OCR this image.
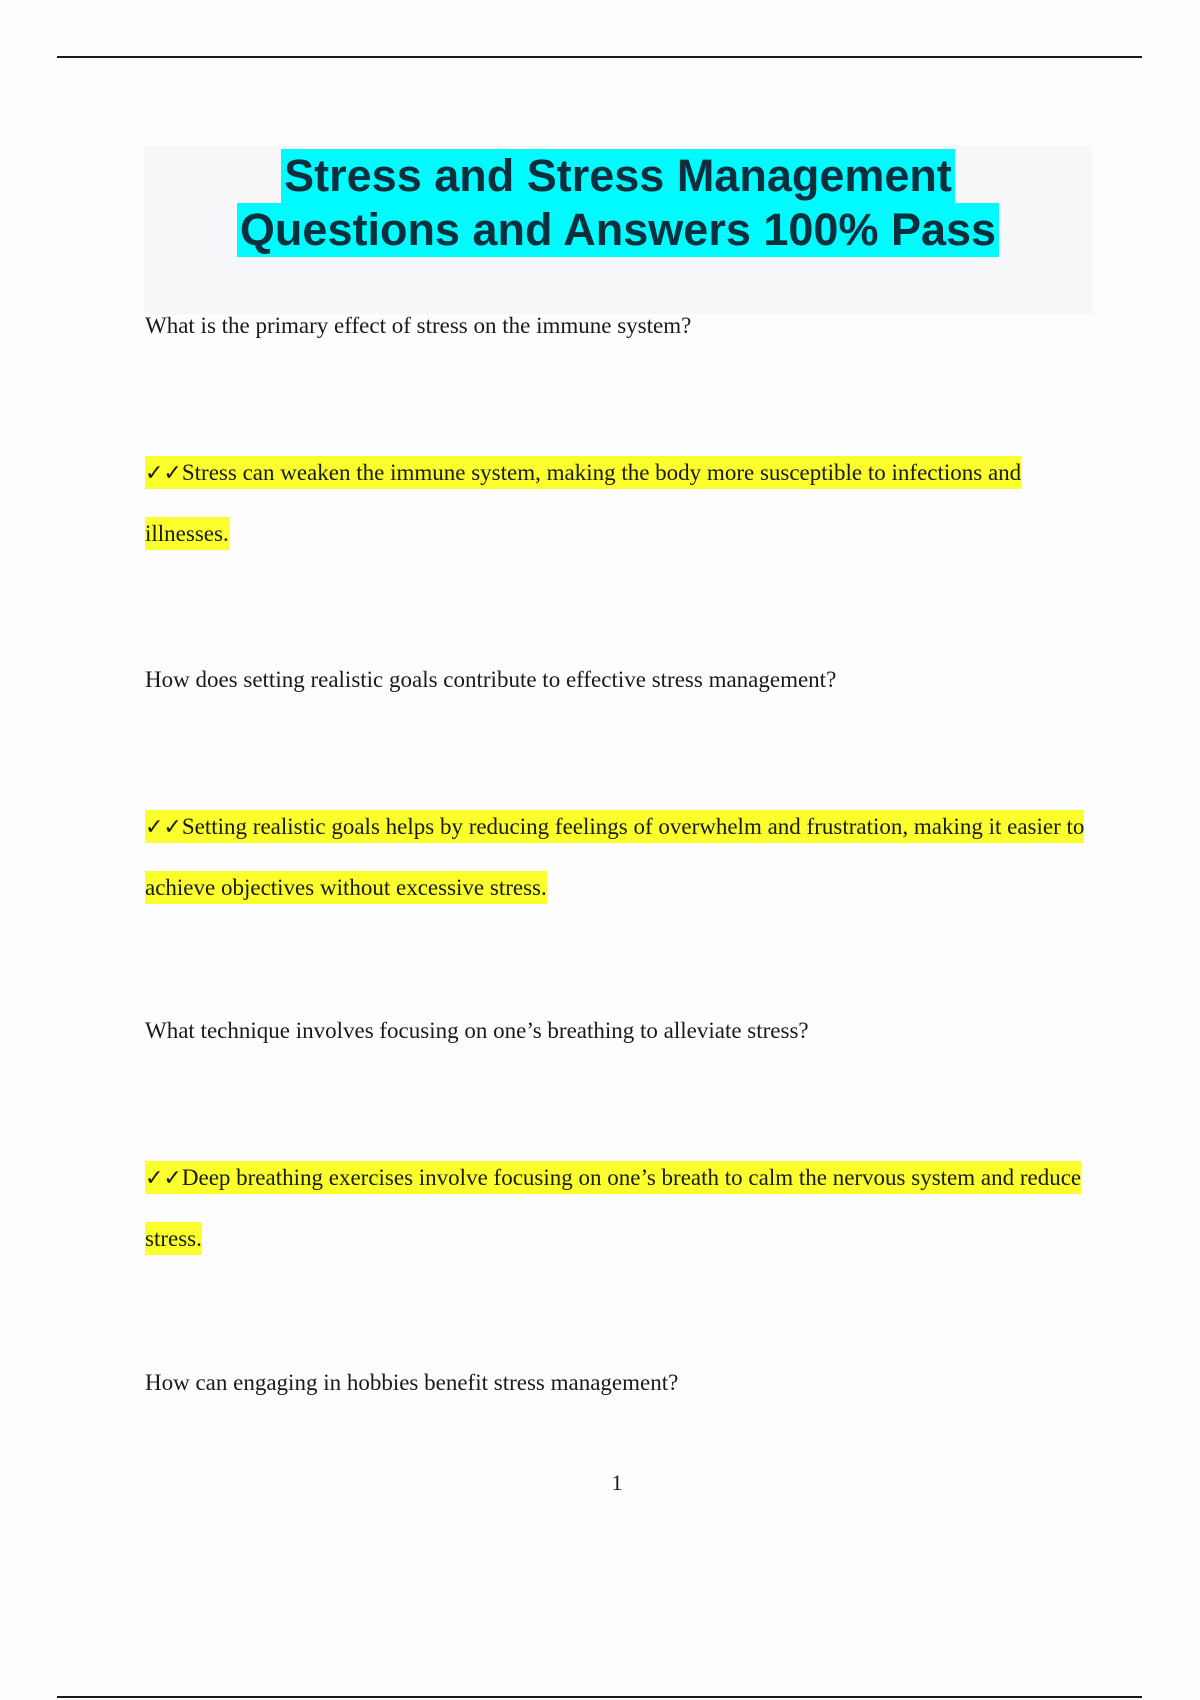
Stress and Stress Management
Questions and Answers 100% Pass

What is the primary effect of stress on the immune system?

✓✓Stress can weaken the immune system, making the body more susceptible to infections and illnesses.

How does setting realistic goals contribute to effective stress management?

✓✓Setting realistic goals helps by reducing feelings of overwhelm and frustration, making it easier to achieve objectives without excessive stress.

What technique involves focusing on one’s breathing to alleviate stress?

✓✓Deep breathing exercises involve focusing on one’s breath to calm the nervous system and reduce stress.

How can engaging in hobbies benefit stress management?

1
